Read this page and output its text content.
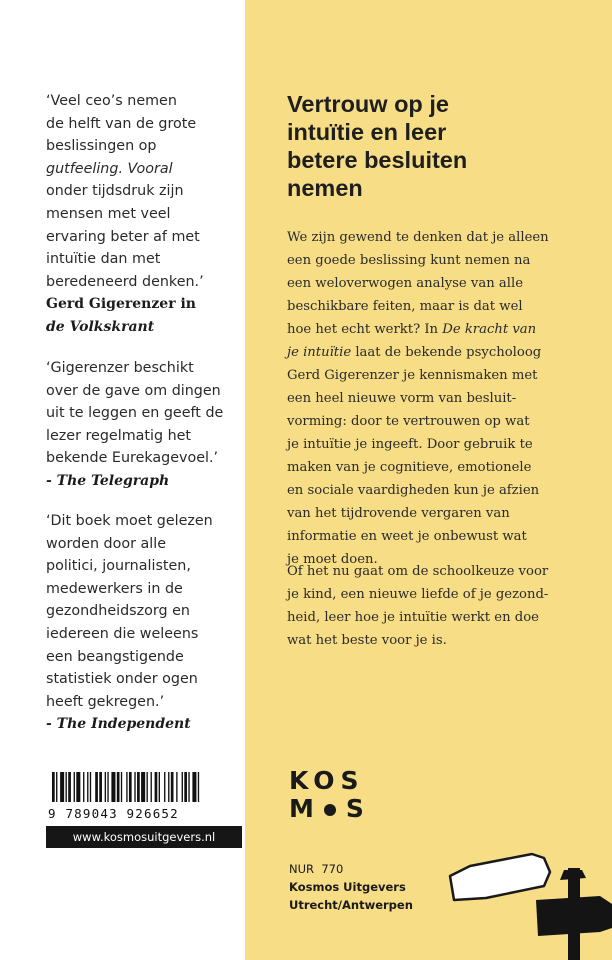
‘Veel ceo’s nemen
de helft van de grote
beslissingen op
gutfeeling. Vooral
onder tijdsdruk zijn
mensen met veel
ervaring beter af met
intuïtie dan met
beredeneerd denken.’
Gerd Gigerenzer in
de Volkskrant
‘Gigerenzer beschikt
over de gave om dingen
uit te leggen en geeft de
lezer regelmatig het
bekende Eurekagevoel.’
- The Telegraph
‘Dit boek moet gelezen
worden door alle
politici, journalisten,
medewerkers in de
gezondheidszorg en
iedereen die weleens
een beangstigende
statistiek onder ogen
heeft gekregen.’
- The Independent
9 789043 926652
www.kosmosuitgevers.nl
Vertrouw op je
intuïtie en leer
betere besluiten
nemen
We zijn gewend te denken dat je alleen
een goede beslissing kunt nemen na
een weloverwogen analyse van alle
beschikbare feiten, maar is dat wel
hoe het echt werkt? In De kracht van
je intuïtie laat de bekende psycholoog
Gerd Gigerenzer je kennismaken met
een heel nieuwe vorm van besluit-
vorming: door te vertrouwen op wat
je intuïtie je ingeeft. Door gebruik te
maken van je cognitieve, emotionele
en sociale vaardigheden kun je afzien
van het tijdrovende vergaren van
informatie en weet je onbewust wat
je moet doen.
Of het nu gaat om de schoolkeuze voor
je kind, een nieuwe liefde of je gezond-
heid, leer hoe je intuïtie werkt en doe
wat het beste voor je is.
KOS
M S
NUR 770
Kosmos Uitgevers
Utrecht/Antwerpen
